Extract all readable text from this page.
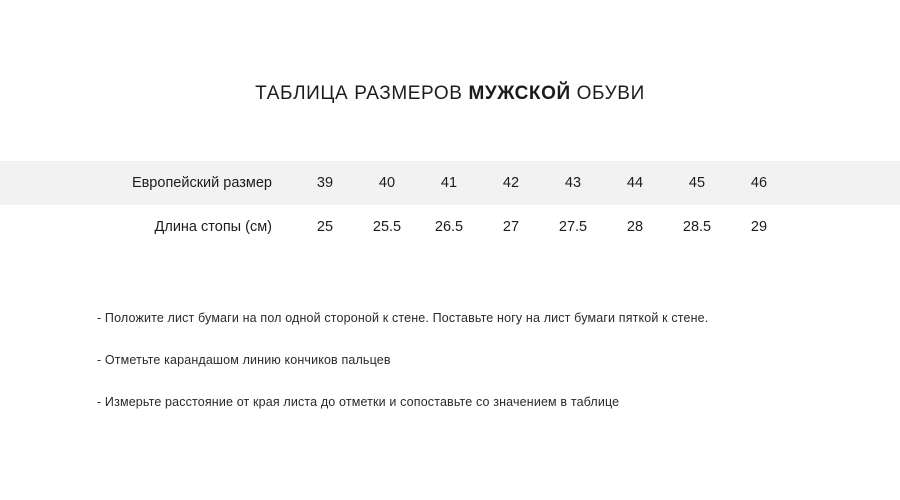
ТАБЛИЦА РАЗМЕРОВ МУЖСКОЙ ОБУВИ
Европейский размер	39	40	41	42	43	44	45	46	
Длина стопы (см)	25	25.5	26.5	27	27.5	28	28.5	29	

- Положите лист бумаги на пол одной стороной к стене. Поставьте ногу на лист бумаги пяткой к стене.

- Отметьте карандашом линию кончиков пальцев

- Измерьте расстояние от края листа до отметки и сопоставьте со значением в таблице
